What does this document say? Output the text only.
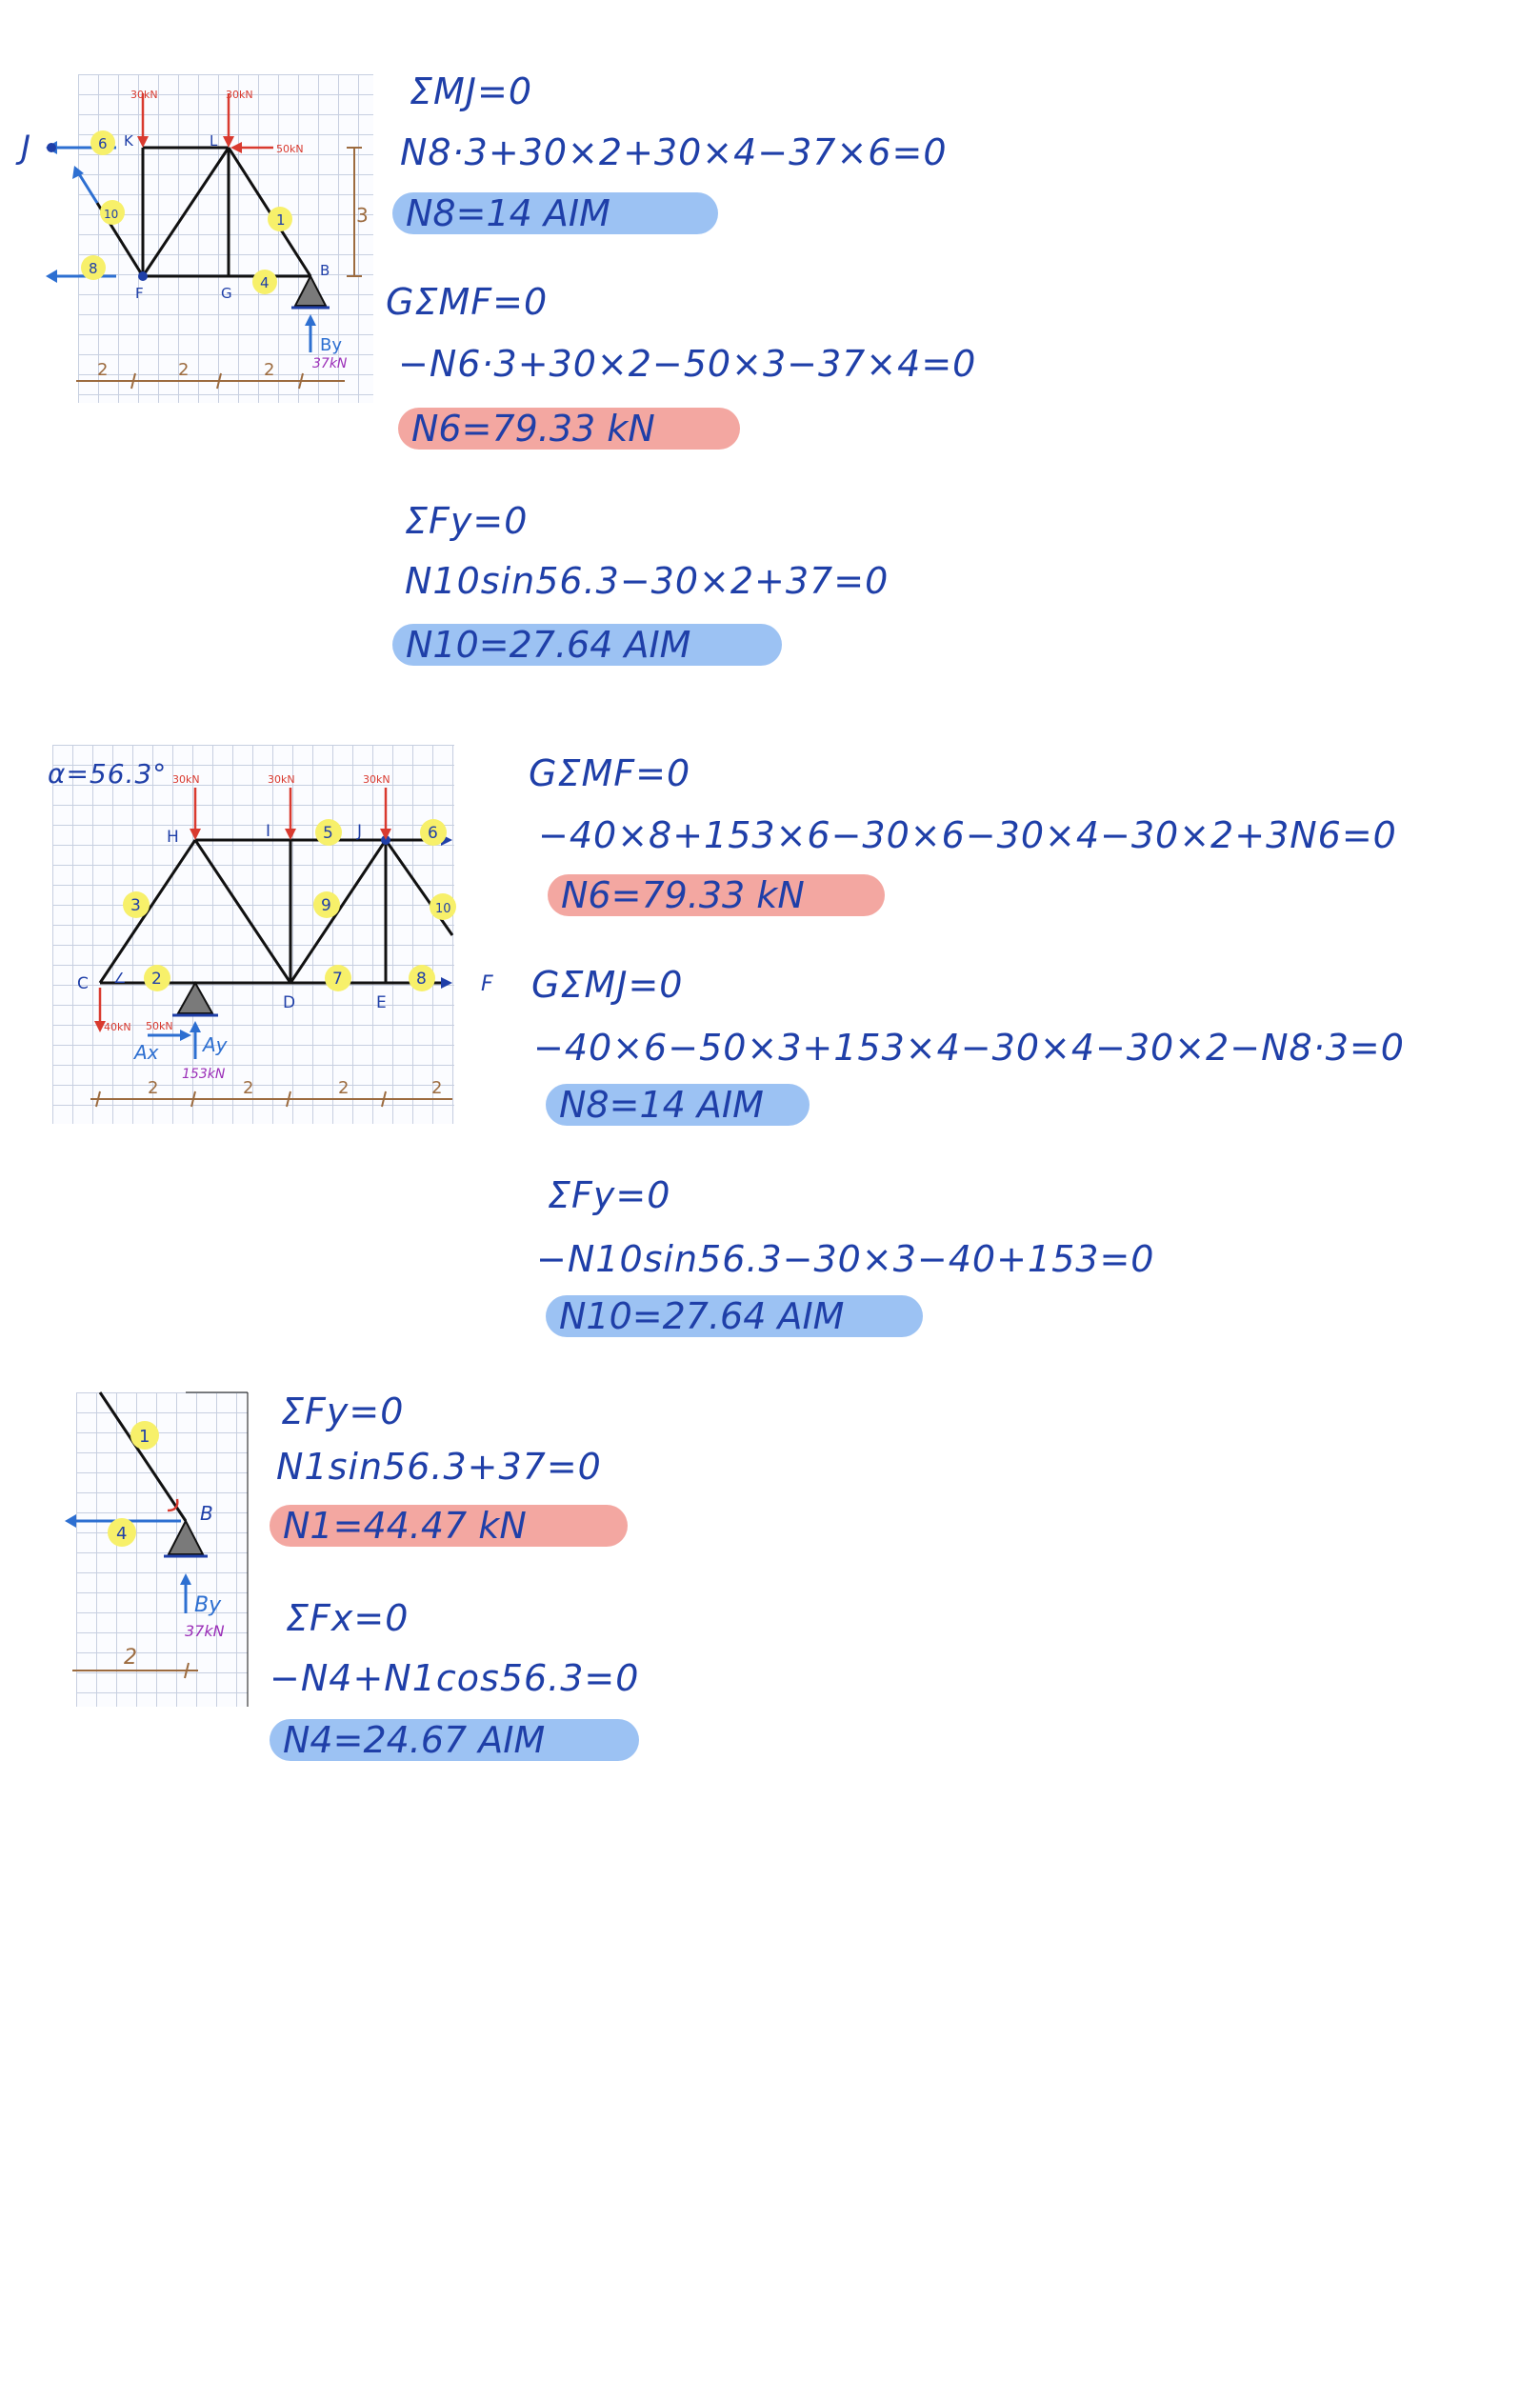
6
10
8
4
1
K	L
F	G
B
J
30kN	30kN
50kN
By
37kN
3
2	2	2
ΣMJ=0
N8·3+30×2+30×4−37×6=0
N8=14 AIM
GΣMF=0
−N6·3+30×2−50×3−37×4=0
N6=79.33 kN
ΣFy=0
N10sin56.3−30×2+37=0
N10=27.64 AIM
3
2
5	6
9	10
7	8
H	I	J
C
D	E
∠	F
30kN	30kN	30kN
40kN 50kN
Ax Ay
153kN
2	2	2	2
α=56.3°	GΣMF=0
−40×8+153×6−30×6−30×4−30×2+3N6=0
N6=79.33 kN
GΣMJ=0
−40×6−50×3+153×4−30×4−30×2−N8·3=0
N8=14 AIM
ΣFy=0
−N10sin56.3−30×3−40+153=0
N10=27.64 AIM
1
4
B
By
37kN
2
ΣFy=0
N1sin56.3+37=0
N1=44.47 kN
ΣFx=0
−N4+N1cos56.3=0
N4=24.67 AIM
